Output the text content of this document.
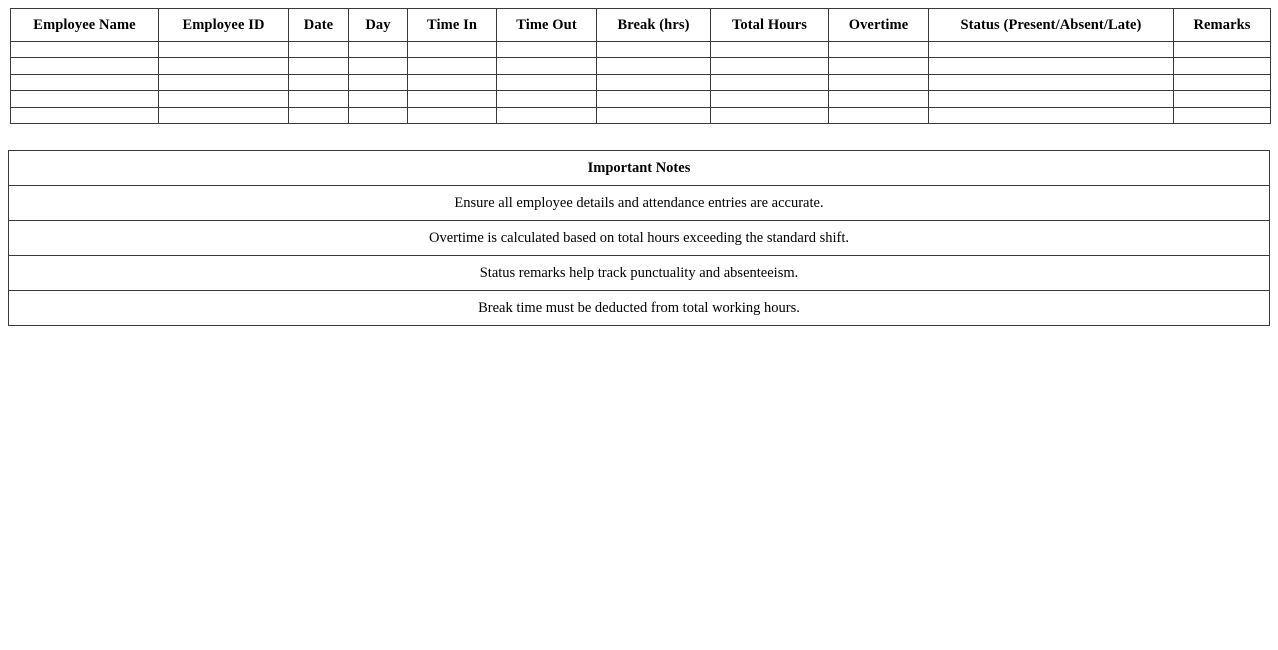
Employee Name	Employee ID	Date	Day	Time In	Time Out	Break (hrs)	Total Hours	Overtime	Status (Present/Absent/Late)	Remarks

Important Notes
Ensure all employee details and attendance entries are accurate.
Overtime is calculated based on total hours exceeding the standard shift.
Status remarks help track punctuality and absenteeism.
Break time must be deducted from total working hours.
